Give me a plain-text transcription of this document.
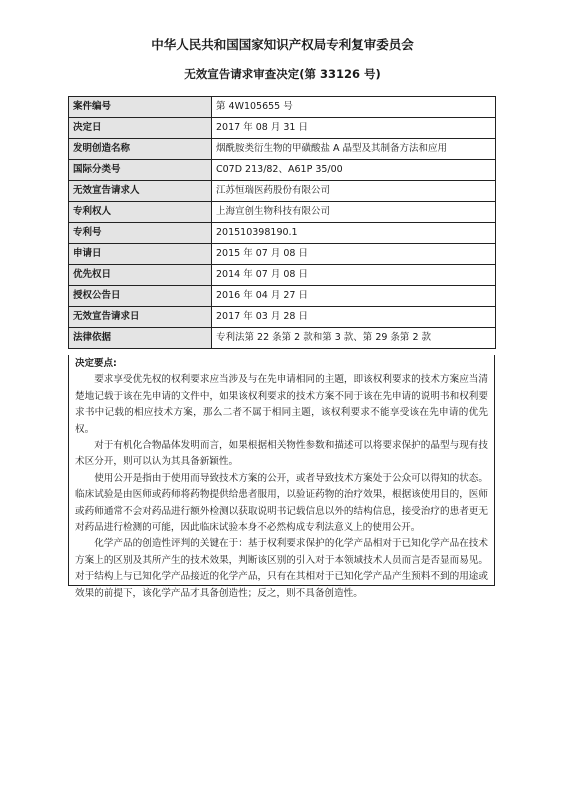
中华人民共和国国家知识产权局专利复审委员会
无效宣告请求审查决定(第 33126 号)
案件编号	第 4W105655 号
决定日	2017 年 08 月 31 日
发明创造名称	烟酰胺类衍生物的甲磺酸盐 A 晶型及其制备方法和应用
国际分类号	C07D 213/82、A61P 35/00
无效宣告请求人	江苏恒瑞医药股份有限公司
专利权人	上海宣创生物科技有限公司
专利号	201510398190.1
申请日	2015 年 07 月 08 日
优先权日	2014 年 07 月 08 日
授权公告日	2016 年 04 月 27 日
无效宣告请求日	2017 年 03 月 28 日
法律依据	专利法第 22 条第 2 款和第 3 款、第 29 条第 2 款
决定要点:

要求享受优先权的权利要求应当涉及与在先申请相同的主题，即该权利要求的技术方案应当清楚地记载于该在先申请的文件中，如果该权利要求的技术方案不同于该在先申请的说明书和权利要求书中记载的相应技术方案，那么二者不属于相同主题，该权利要求不能享受该在先申请的优先权。

对于有机化合物晶体发明而言，如果根据相关物性参数和描述可以将要求保护的晶型与现有技术区分开，则可以认为其具备新颖性。

使用公开是指由于使用而导致技术方案的公开，或者导致技术方案处于公众可以得知的状态。临床试验是由医师或药师将药物提供给患者服用，以验证药物的治疗效果，根据该使用目的，医师或药师通常不会对药品进行额外检测以获取说明书记载信息以外的结构信息，接受治疗的患者更无对药品进行检测的可能，因此临床试验本身不必然构成专利法意义上的使用公开。

化学产品的创造性评判的关键在于：基于权利要求保护的化学产品相对于已知化学产品在技术方案上的区别及其所产生的技术效果，判断该区别的引入对于本领域技术人员而言是否显而易见。对于结构上与已知化学产品接近的化学产品，只有在其相对于已知化学产品产生预料不到的用途或效果的前提下，该化学产品才具备创造性；反之，则不具备创造性。
